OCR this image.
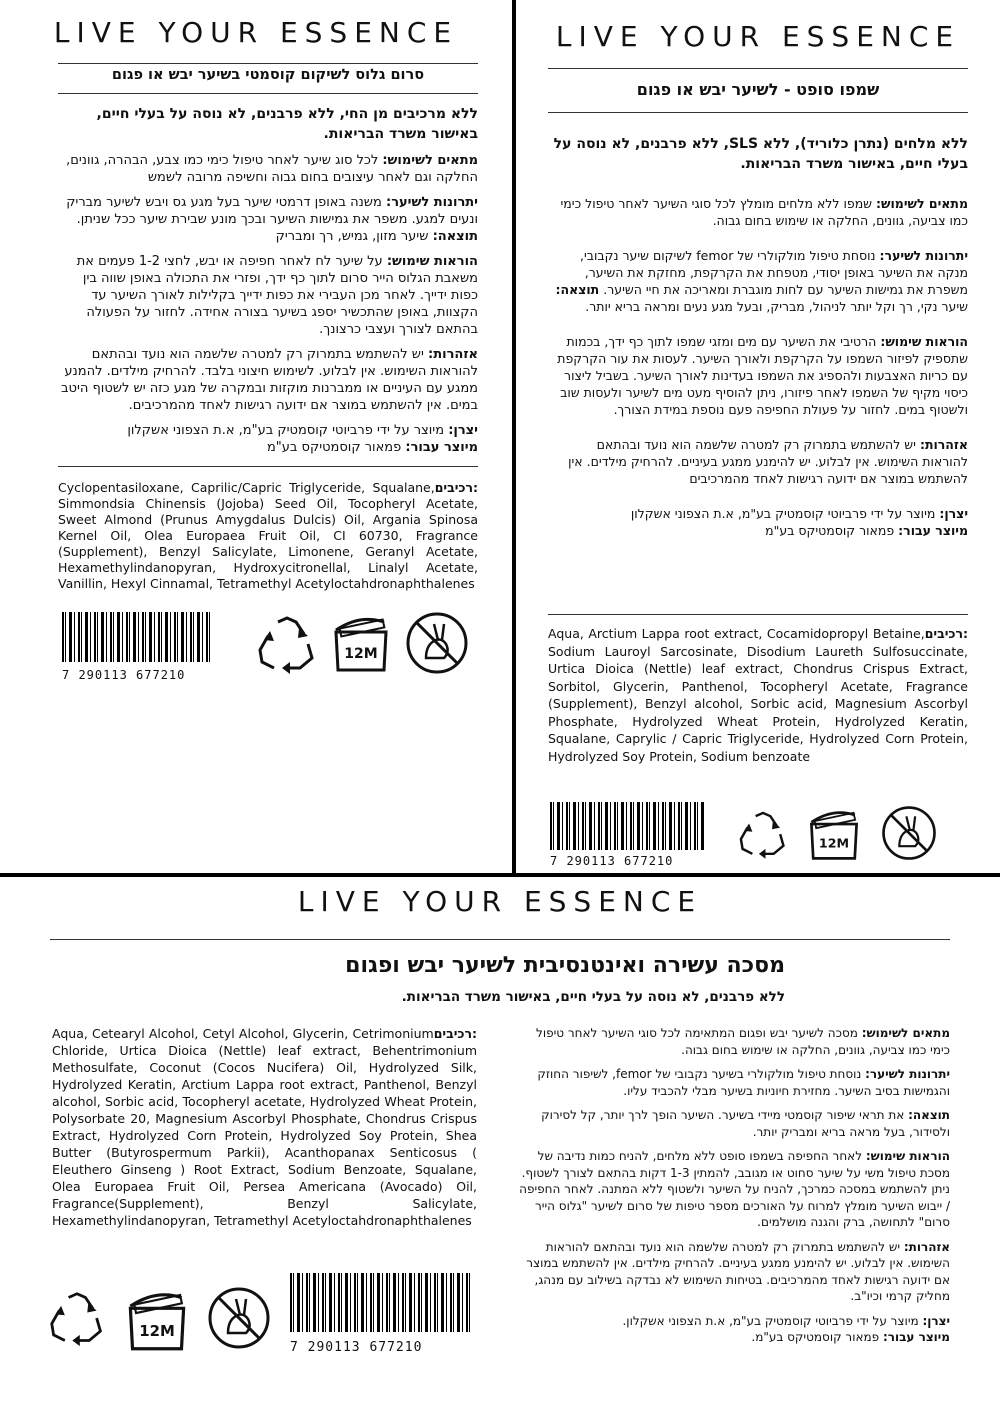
LIVE YOUR ESSENCE
סרום גלוס לשיקום קוסמטי בשיער יבש או פגום
ללא מרכיבים מן החי, ללא פרבנים, לא נוסה על בעלי חיים, באישור משרד הבריאות.

מתאים לשימוש: לכל סוג שיער לאחר טיפול כימי כמו צבע, הבהרה, גוונים, החלקה וגם לאחר עיצובים בחום גבוה וחשיפה מרובה לשמש

יתרונות לשיער: משנה באופן דרמטי שיער בעל מגע גס ויבש לשיער מבריק ונעים למגע. משפר את גמישות השיער ובכך מונע שבירת שיער ככל שניתן. תוצאה: שיער מזון, גמיש, רך ומבריק

הוראות שימוש: על שיער לח לאחר חפיפה או יבש, לחצי 1-2 פעמים את משאבת הגלוס הייר סרום לתוך כף ידך, ופזרי את התכולה באופן שווה בין כפות ידייך. לאחר מכן העבירי את כפות ידייך בקלילות לאורך השיער עד הקצוות, באופן שהתכשיר יספג בשיער בצורה אחידה. לחזור על הפעולה בהתאם לצורך ועצבי כרצונך.

אזהרות: יש להשתמש בתמרוק רק למטרה שלשמה הוא נועד ובהתאם להוראות השימוש. אין לבלוע. לשימוש חיצוני בלבד. להרחיק מילדים. להמנע ממגע עם העיניים או ממברנות מוקזות ובמקרה של מגע כזה יש לשטוף היטב במים. אין להשתמש במוצר אם ידועה רגישות לאחד מהמרכיבים.

יצרן: מיוצר על ידי פרביוטי קוסמטיק בע"מ, א.ת הצפוני אשקלון
מיוצר עבור: פמאור קוסמטיקס בע"מ

רכיבים:
Cyclopentasiloxane, Caprilic/Capric Triglyceride, Squalane, Simmondsia Chinensis (Jojoba) Seed Oil, Tocopheryl Acetate, Sweet Almond (Prunus Amygdalus Dulcis) Oil, Argania Spinosa Kernel Oil, Olea Europaea Fruit Oil, CI 60730, Fragrance (Supplement), Benzyl Salicylate, Limonene, Geranyl Acetate, Hexamethylindanopyran, Hydroxycitronellal, Linalyl Acetate, Vanillin, Hexyl Cinnamal, Tetramethyl Acetyloctahdronaphthalenes
7 290113 677210
12M
LIVE YOUR ESSENCE
שמפו סופט - לשיער יבש או פגום
ללא מלחים (נתרן כלוריד), ללא SLS, ללא פרבנים, לא נוסה על בעלי חיים, באישור משרד הבריאות.

מתאים לשימוש: שמפו ללא מלחים מומלץ לכל סוגי השיער לאחר טיפול כימי כמו צביעה, גוונים, החלקה או שימוש בחום גבוה.

יתרונות לשיער: נוסחת טיפול מולקולרי של femor לשיקום שיער נקבובי, מנקה את השיער באופן יסודי, מטפחת את הקרקפת, מחזקת את השיער, משפרת את גמישות השיער עם לחות מוגברת ומאריכה את חיי השיער. תוצאה: שיער נקי, רך וקל יותר לניהול, מבריק, ובעל מגע נעים ומראה בריא יותר.

הוראות שימוש: הרטיבי את השיער עם מים ומזגי שמפו לתוך כף ידך, בכמות שתספיק לפיזור השמפו על הקרקפת ולאורך השיער. לעסות את עור הקרקפת עם כריות האצבעות ולהספיג את השמפו בעדינות לאורך השיער. בשביל ליצור כיסוי מקיף של השמפו לאחר פיזורו, ניתן להוסיף מעט מים לשיער ולעסות שוב ולשטוף במים. לחזור על פעולת החפיפה פעם נוספת במידת הצורך.

אזהרות: יש להשתמש בתמרוק רק למטרה שלשמה הוא נועד ובהתאם להוראות השימוש. אין לבלוע. יש להימנע ממגע בעיניים. להרחיק מילדים. אין להשתמש במוצר אם ידועה רגישות לאחד מהמרכיבים

יצרן: מיוצר על ידי פרביוטי קוסמטיק בע"מ, א.ת הצפוני אשקלון
מיוצר עבור: פמאור קוסמטיקס בע"מ

רכיבים:
Aqua, Arctium Lappa root extract, Cocamidopropyl Betaine, Sodium Lauroyl Sarcosinate, Disodium Laureth Sulfosuccinate, Urtica Dioica (Nettle) leaf extract, Chondrus Crispus Extract, Sorbitol, Glycerin, Panthenol, Tocopheryl Acetate, Fragrance (Supplement), Benzyl alcohol, Sorbic acid, Magnesium Ascorbyl Phosphate, Hydrolyzed Wheat Protein, Hydrolyzed Keratin, Squalane, Caprylic / Capric Triglyceride, Hydrolyzed Corn Protein, Hydrolyzed Soy Protein, Sodium benzoate
7 290113 677210
12M
LIVE YOUR ESSENCE
מסכה עשירה ואינטנסיבית לשיער יבש ופגום
ללא פרבנים, לא נוסה על בעלי חיים, באישור משרד הבריאות.
רכיבים:
Aqua, Cetearyl Alcohol, Cetyl Alcohol, Glycerin, Cetrimonium Chloride, Urtica Dioica (Nettle) leaf extract, Behentrimonium Methosulfate, Coconut (Cocos Nucifera) Oil, Hydrolyzed Silk, Hydrolyzed Keratin, Arctium Lappa root extract, Panthenol, Benzyl alcohol, Sorbic acid, Tocopheryl acetate, Hydrolyzed Wheat Protein, Polysorbate 20, Magnesium Ascorbyl Phosphate, Chondrus Crispus Extract, Hydrolyzed Corn Protein, Hydrolyzed Soy Protein, Shea Butter (Butyrospermum Parkii), Acanthopanax Senticosus ( Eleuthero Ginseng ) Root Extract, Sodium Benzoate, Squalane, Olea Europaea Fruit Oil, Persea Americana (Avocado) Oil, Fragrance(Supplement), Benzyl Salicylate, Hexamethylindanopyran, Tetramethyl Acetyloctahdronaphthalenes

מתאים לשימוש: מסכה לשיער יבש ופגום המתאימה לכל סוגי השיער לאחר טיפול כימי כמו צביעה, גוונים, החלקה או שימוש בחום גבוה.

יתרונות לשיער: נוסחת טיפול מולקולרי בשיער נקבובי של femor, לשיפור החוזק והגמישות בסיב השיער. מחזירת חיוניות בשיער מבלי להכביד עליו.

תוצאה: את תראי שיפור קוסמטי מיידי בשיער. השיער הופך לרך יותר, קל לסירוק ולסידור, בעל מראה בריא ומבריק יותר.

הוראות שימוש: לאחר החפיפה בשמפו סופט ללא מלחים, להניח כמות נדיבה של מסכת טיפול משי על שיער סחוט או מגובב, להמתין 1-3 דקות בהתאם לצורך לשטוף. ניתן להשתמש במסכה כמרכך, להניח על השיער ולשטוף ללא המתנה. לאחר החפיפה / ייבוש השיער מומלץ למרוח על האורכים מספר טיפות של סרום לשיער "גלוס הייר סרום" לתחושה, ברק והגנה מושלמים.

אזהרות: יש להשתמש בתמרוק רק למטרה שלשמה הוא נועד ובהתאם להוראות השימוש. אין לבלוע. יש להימנע ממגע בעיניים. להרחיק מילדים. אין להשתמש במוצר אם ידועה רגישות לאחד מהמרכיבים. בטיחות השימוש לא נבדקה בשילוב עם מנהג, מחליק קרמי וכיו"ב.

יצרן: מיוצר על ידי פרביוטי קוסמטיק בע"מ, א.ת הצפוני אשקלון.
מיוצר עבור: פמאור קוסמטיקס בע"מ.

12M
7 290113 677210
